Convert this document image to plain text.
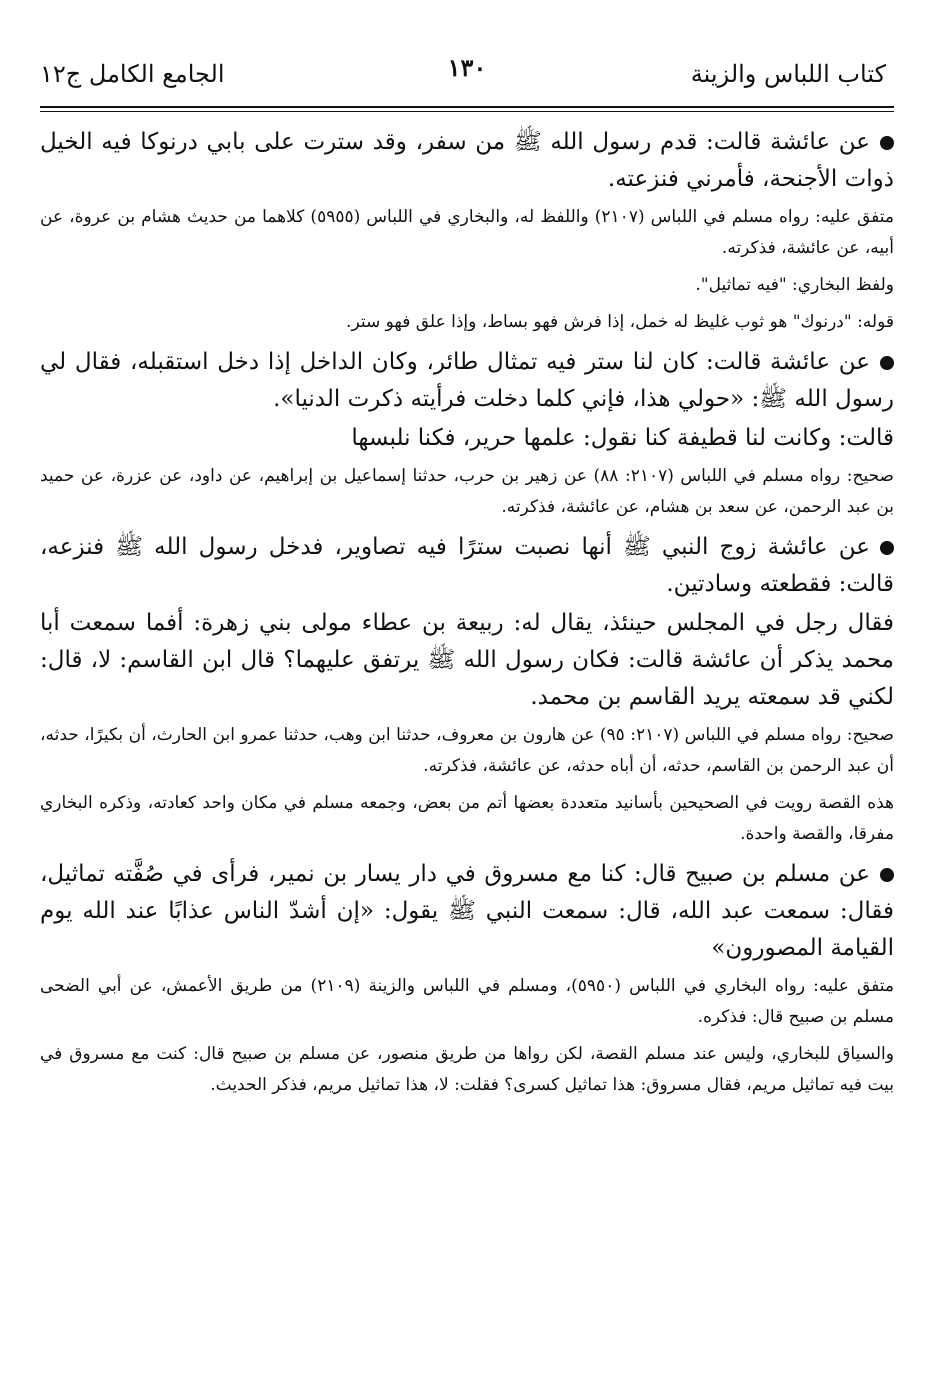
كتاب اللباس والزينة
١٣٠
الجامع الكامل ج١٢

عن عائشة قالت: قدم رسول الله ﷺ من سفر، وقد سترت على بابي درنوكا فيه الخيل ذوات الأجنحة، فأمرني فنزعته.

متفق عليه: رواه مسلم في اللباس (٢١٠٧) واللفظ له، والبخاري في اللباس (٥٩٥٥) كلاهما من حديث هشام بن عروة، عن أبيه، عن عائشة، فذكرته.

ولفظ البخاري: "فيه تماثيل".

قوله: "درنوك" هو ثوب غليظ له خمل، إذا فرش فهو بساط، وإذا علق فهو ستر.

عن عائشة قالت: كان لنا ستر فيه تمثال طائر، وكان الداخل إذا دخل استقبله، فقال لي رسول الله ﷺ: «حولي هذا، فإني كلما دخلت فرأيته ذكرت الدنيا».

قالت: وكانت لنا قطيفة كنا نقول: علمها حرير، فكنا نلبسها

صحيح: رواه مسلم في اللباس (٢١٠٧: ٨٨) عن زهير بن حرب، حدثنا إسماعيل بن إبراهيم، عن داود، عن عزرة، عن حميد بن عبد الرحمن، عن سعد بن هشام، عن عائشة، فذكرته.

عن عائشة زوج النبي ﷺ أنها نصبت سترًا فيه تصاوير، فدخل رسول الله ﷺ فنزعه، قالت: فقطعته وسادتين.

فقال رجل في المجلس حينئذ، يقال له: ربيعة بن عطاء مولى بني زهرة: أفما سمعت أبا محمد يذكر أن عائشة قالت: فكان رسول الله ﷺ يرتفق عليهما؟ قال ابن القاسم: لا، قال: لكني قد سمعته يريد القاسم بن محمد.

صحيح: رواه مسلم في اللباس (٢١٠٧: ٩٥) عن هارون بن معروف، حدثنا ابن وهب، حدثنا عمرو ابن الحارث، أن بكيرًا، حدثه، أن عبد الرحمن بن القاسم، حدثه، أن أباه حدثه، عن عائشة، فذكرته.

هذه القصة رويت في الصحيحين بأسانيد متعددة بعضها أتم من بعض، وجمعه مسلم في مكان واحد كعادته، وذكره البخاري مفرقا، والقصة واحدة.

عن مسلم بن صبيح قال: كنا مع مسروق في دار يسار بن نمير، فرأى في صُفَّته تماثيل، فقال: سمعت عبد الله، قال: سمعت النبي ﷺ يقول: «إن أشدّ الناس عذابًا عند الله يوم القيامة المصورون»

متفق عليه: رواه البخاري في اللباس (٥٩٥٠)، ومسلم في اللباس والزينة (٢١٠٩) من طريق الأعمش، عن أبي الضحى مسلم بن صبيح قال: فذكره.

والسياق للبخاري، وليس عند مسلم القصة، لكن رواها من طريق منصور، عن مسلم بن صبيح قال: كنت مع مسروق في بيت فيه تماثيل مريم، فقال مسروق: هذا تماثيل كسرى؟ فقلت: لا، هذا تماثيل مريم، فذكر الحديث.
